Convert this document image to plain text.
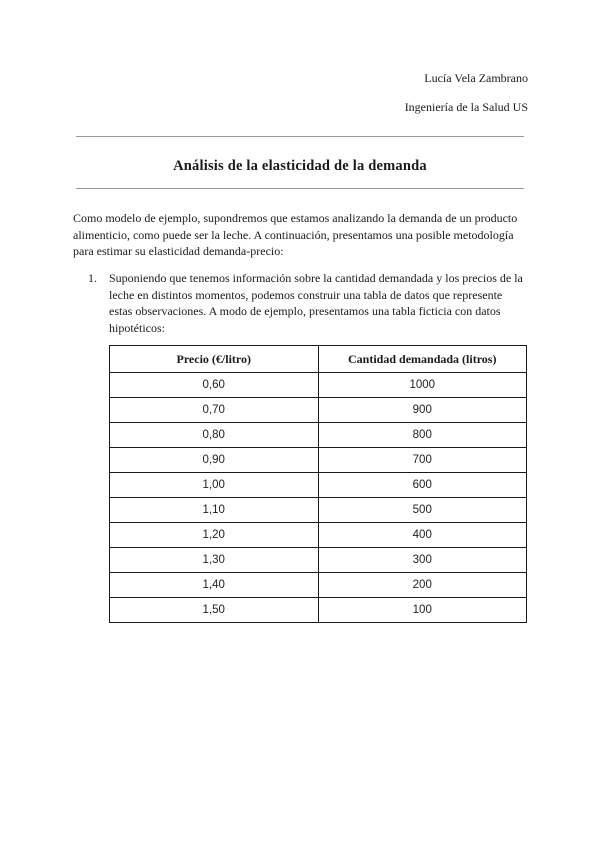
Lucía Vela Zambrano
Ingeniería de la Salud US
Análisis de la elasticidad de la demanda
Como modelo de ejemplo, supondremos que estamos analizando la demanda de un producto alimenticio, como puede ser la leche. A continuación, presentamos una posible metodología para estimar su elasticidad demanda-precio:
1. Suponiendo que tenemos información sobre la cantidad demandada y los precios de la leche en distintos momentos, podemos construir una tabla de datos que represente estas observaciones. A modo de ejemplo, presentamos una tabla ficticia con datos hipotéticos:
Precio (€/litro)	Cantidad demandada (litros)
0,60	1000
0,70	900
0,80	800
0,90	700
1,00	600
1,10	500
1,20	400
1,30	300
1,40	200
1,50	100
